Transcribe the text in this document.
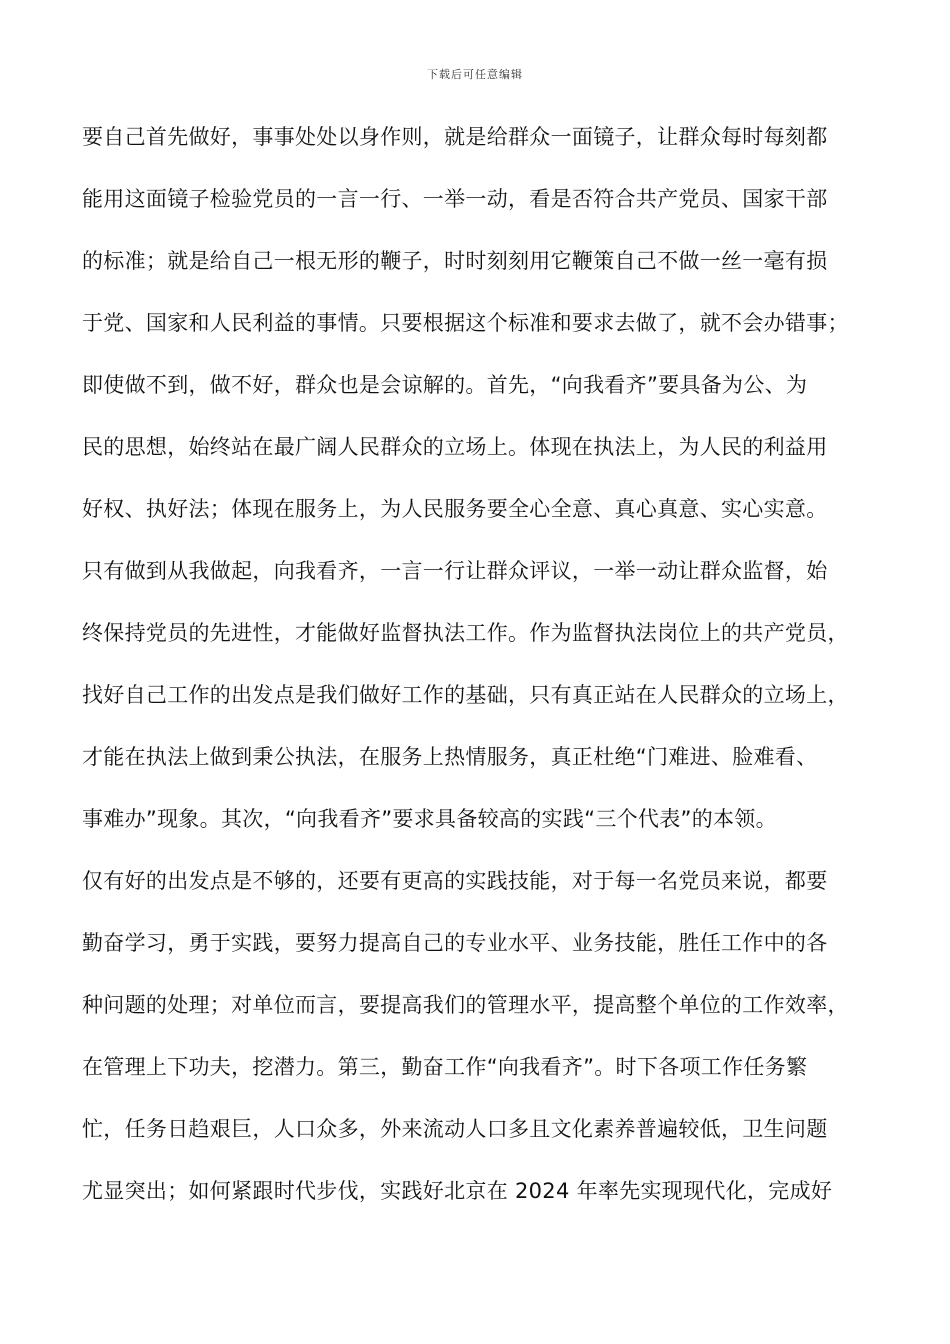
下载后可任意编辑
要自己首先做好，事事处处以身作则，就是给群众一面镜子，让群众每时每刻都
能用这面镜子检验党员的一言一行、一举一动，看是否符合共产党员、国家干部
的标准；就是给自己一根无形的鞭子，时时刻刻用它鞭策自己不做一丝一毫有损
于党、国家和人民利益的事情。只要根据这个标准和要求去做了，就不会办错事；
即使做不到，做不好，群众也是会谅解的。首先，“向我看齐”要具备为公、为
民的思想，始终站在最广阔人民群众的立场上。体现在执法上，为人民的利益用
好权、执好法；体现在服务上，为人民服务要全心全意、真心真意、实心实意。
只有做到从我做起，向我看齐，一言一行让群众评议，一举一动让群众监督，始
终保持党员的先进性，才能做好监督执法工作。作为监督执法岗位上的共产党员，
找好自己工作的出发点是我们做好工作的基础，只有真正站在人民群众的立场上，
才能在执法上做到秉公执法，在服务上热情服务，真正杜绝“门难进、脸难看、
事难办”现象。其次，“向我看齐”要求具备较高的实践“三个代表”的本领。
仅有好的出发点是不够的，还要有更高的实践技能，对于每一名党员来说，都要
勤奋学习，勇于实践，要努力提高自己的专业水平、业务技能，胜任工作中的各
种问题的处理；对单位而言，要提高我们的管理水平，提高整个单位的工作效率，
在管理上下功夫，挖潜力。第三，勤奋工作“向我看齐”。时下各项工作任务繁
忙，任务日趋艰巨，人口众多，外来流动人口多且文化素养普遍较低，卫生问题
尤显突出；如何紧跟时代步伐，实践好北京在 2024 年率先实现现代化，完成好
